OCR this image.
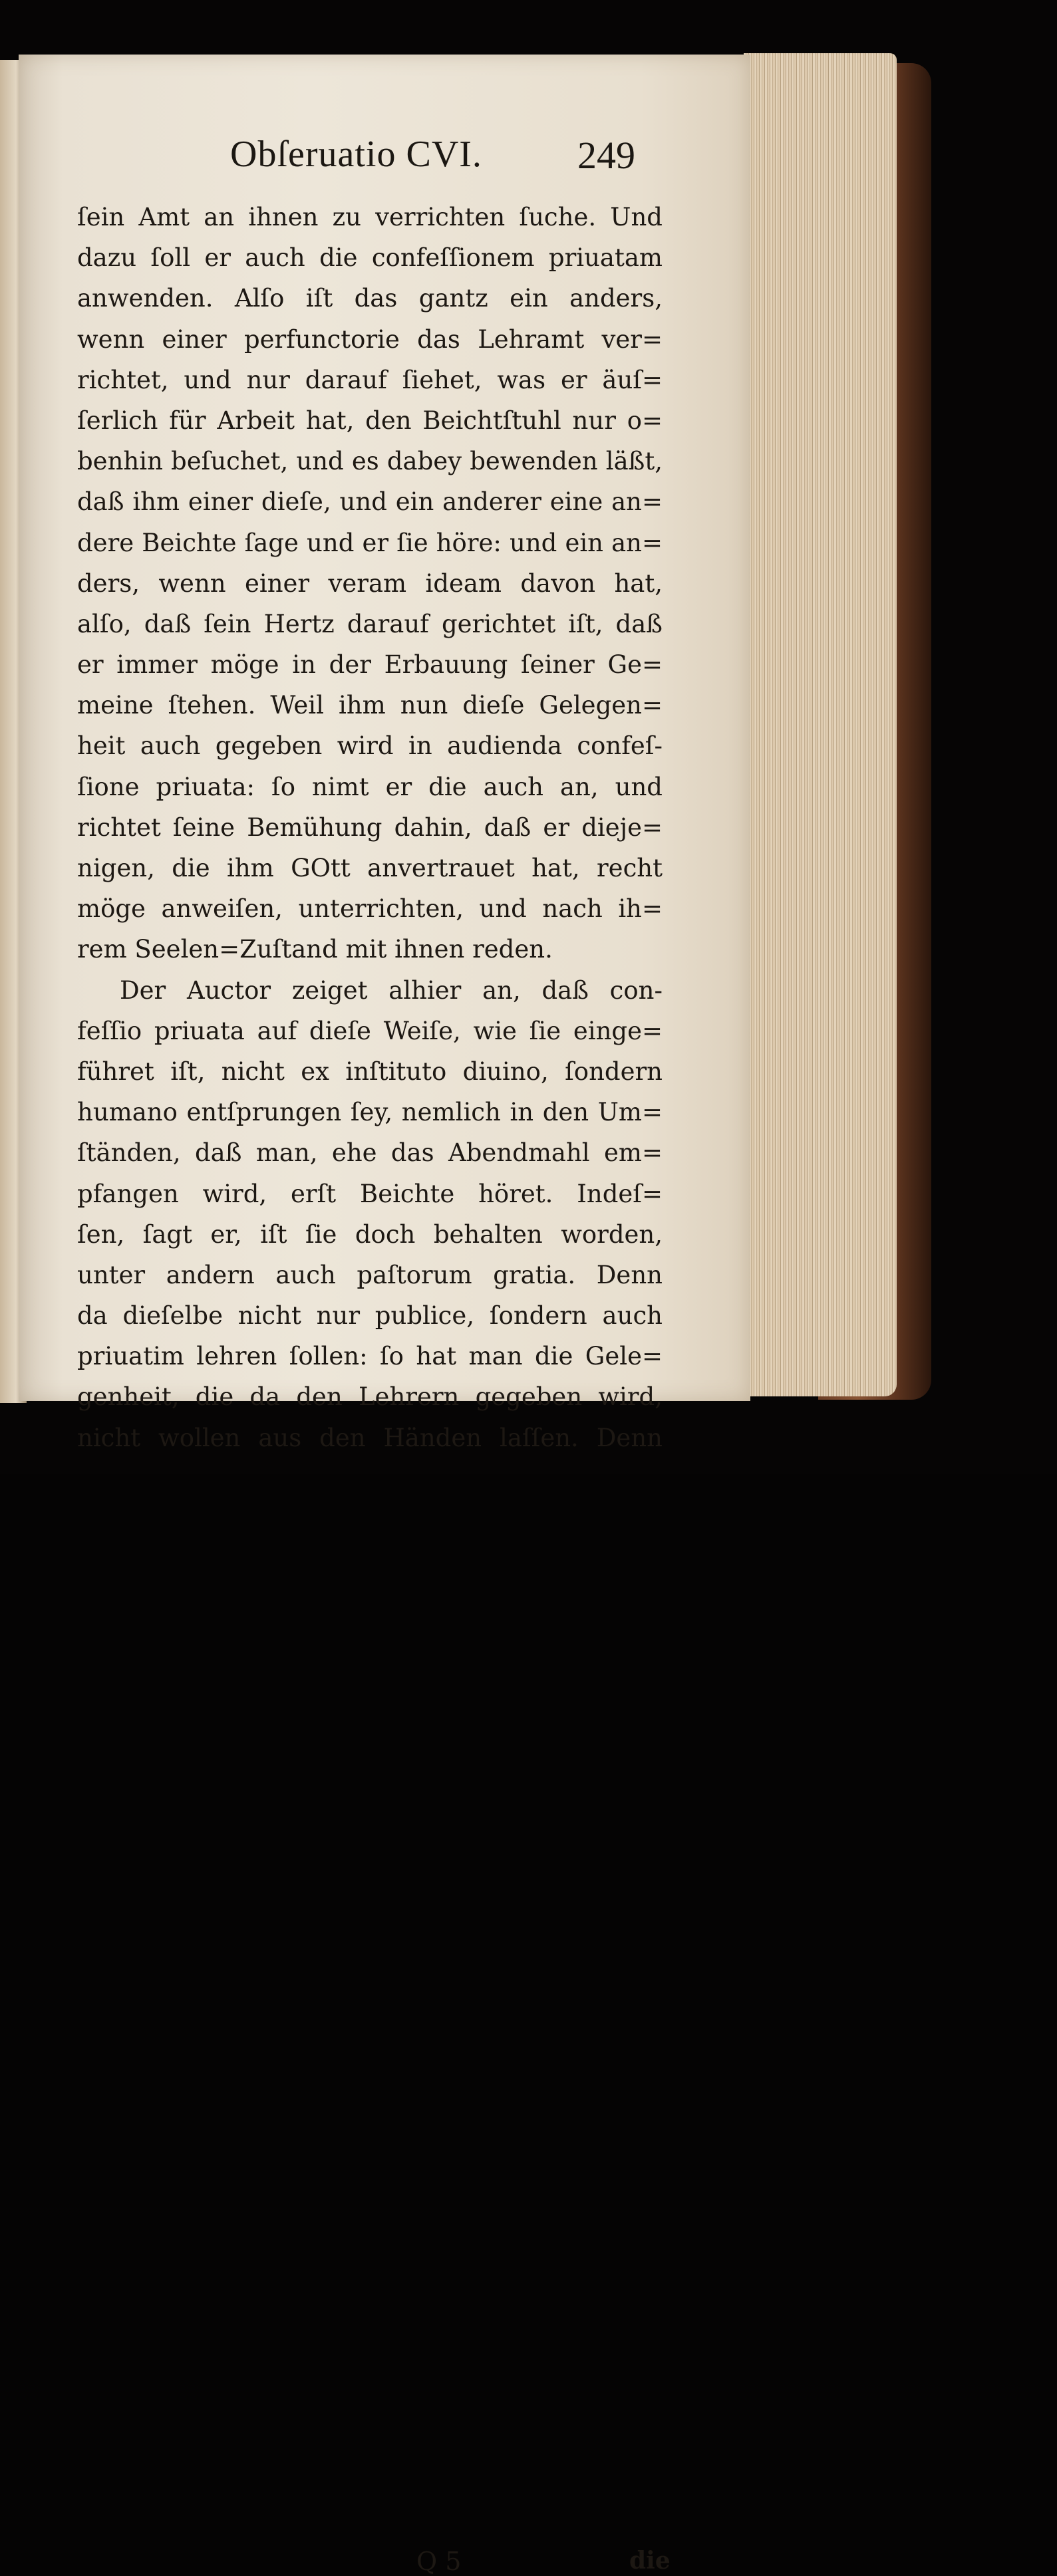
Obſeruatio CVI. 249
ſein Amt an ihnen zu verrichten ſuche. Und
dazu ſoll er auch die confeſſionem priuatam
anwenden. Alſo iſt das gantz ein anders,
wenn einer perfunctorie das Lehramt ver=
richtet, und nur darauf ſiehet, was er äuſ=
ſerlich für Arbeit hat, den Beichtſtuhl nur o=
benhin beſuchet, und es dabey bewenden läßt,
daß ihm einer dieſe, und ein anderer eine an=
dere Beichte ſage und er ſie höre: und ein an=
ders, wenn einer veram ideam davon hat,
alſo, daß ſein Hertz darauf gerichtet iſt, daß
er immer möge in der Erbauung ſeiner Ge=
meine ſtehen. Weil ihm nun dieſe Gelegen=
heit auch gegeben wird in audienda confeſ-
ſione priuata: ſo nimt er die auch an, und
richtet ſeine Bemühung dahin, daß er dieje=
nigen, die ihm GOtt anvertrauet hat, recht
möge anweiſen, unterrichten, und nach ih=
rem Seelen=Zuſtand mit ihnen reden.
Der Auctor zeiget alhier an, daß con-
feſſio priuata auf dieſe Weiſe, wie ſie einge=
führet iſt, nicht ex inſtituto diuino, ſondern
humano entſprungen ſey, nemlich in den Um=
ſtänden, daß man, ehe das Abendmahl em=
pfangen wird, erſt Beichte höret. Indeſ=
ſen, ſagt er, iſt ſie doch behalten worden,
unter andern auch paſtorum gratia. Denn
da dieſelbe nicht nur publice, ſondern auch
priuatim lehren ſollen: ſo hat man die Gele=
genheit, die da den Lehrern gegeben wird,
nicht wollen aus den Händen laſſen. Denn
Q 5	die
